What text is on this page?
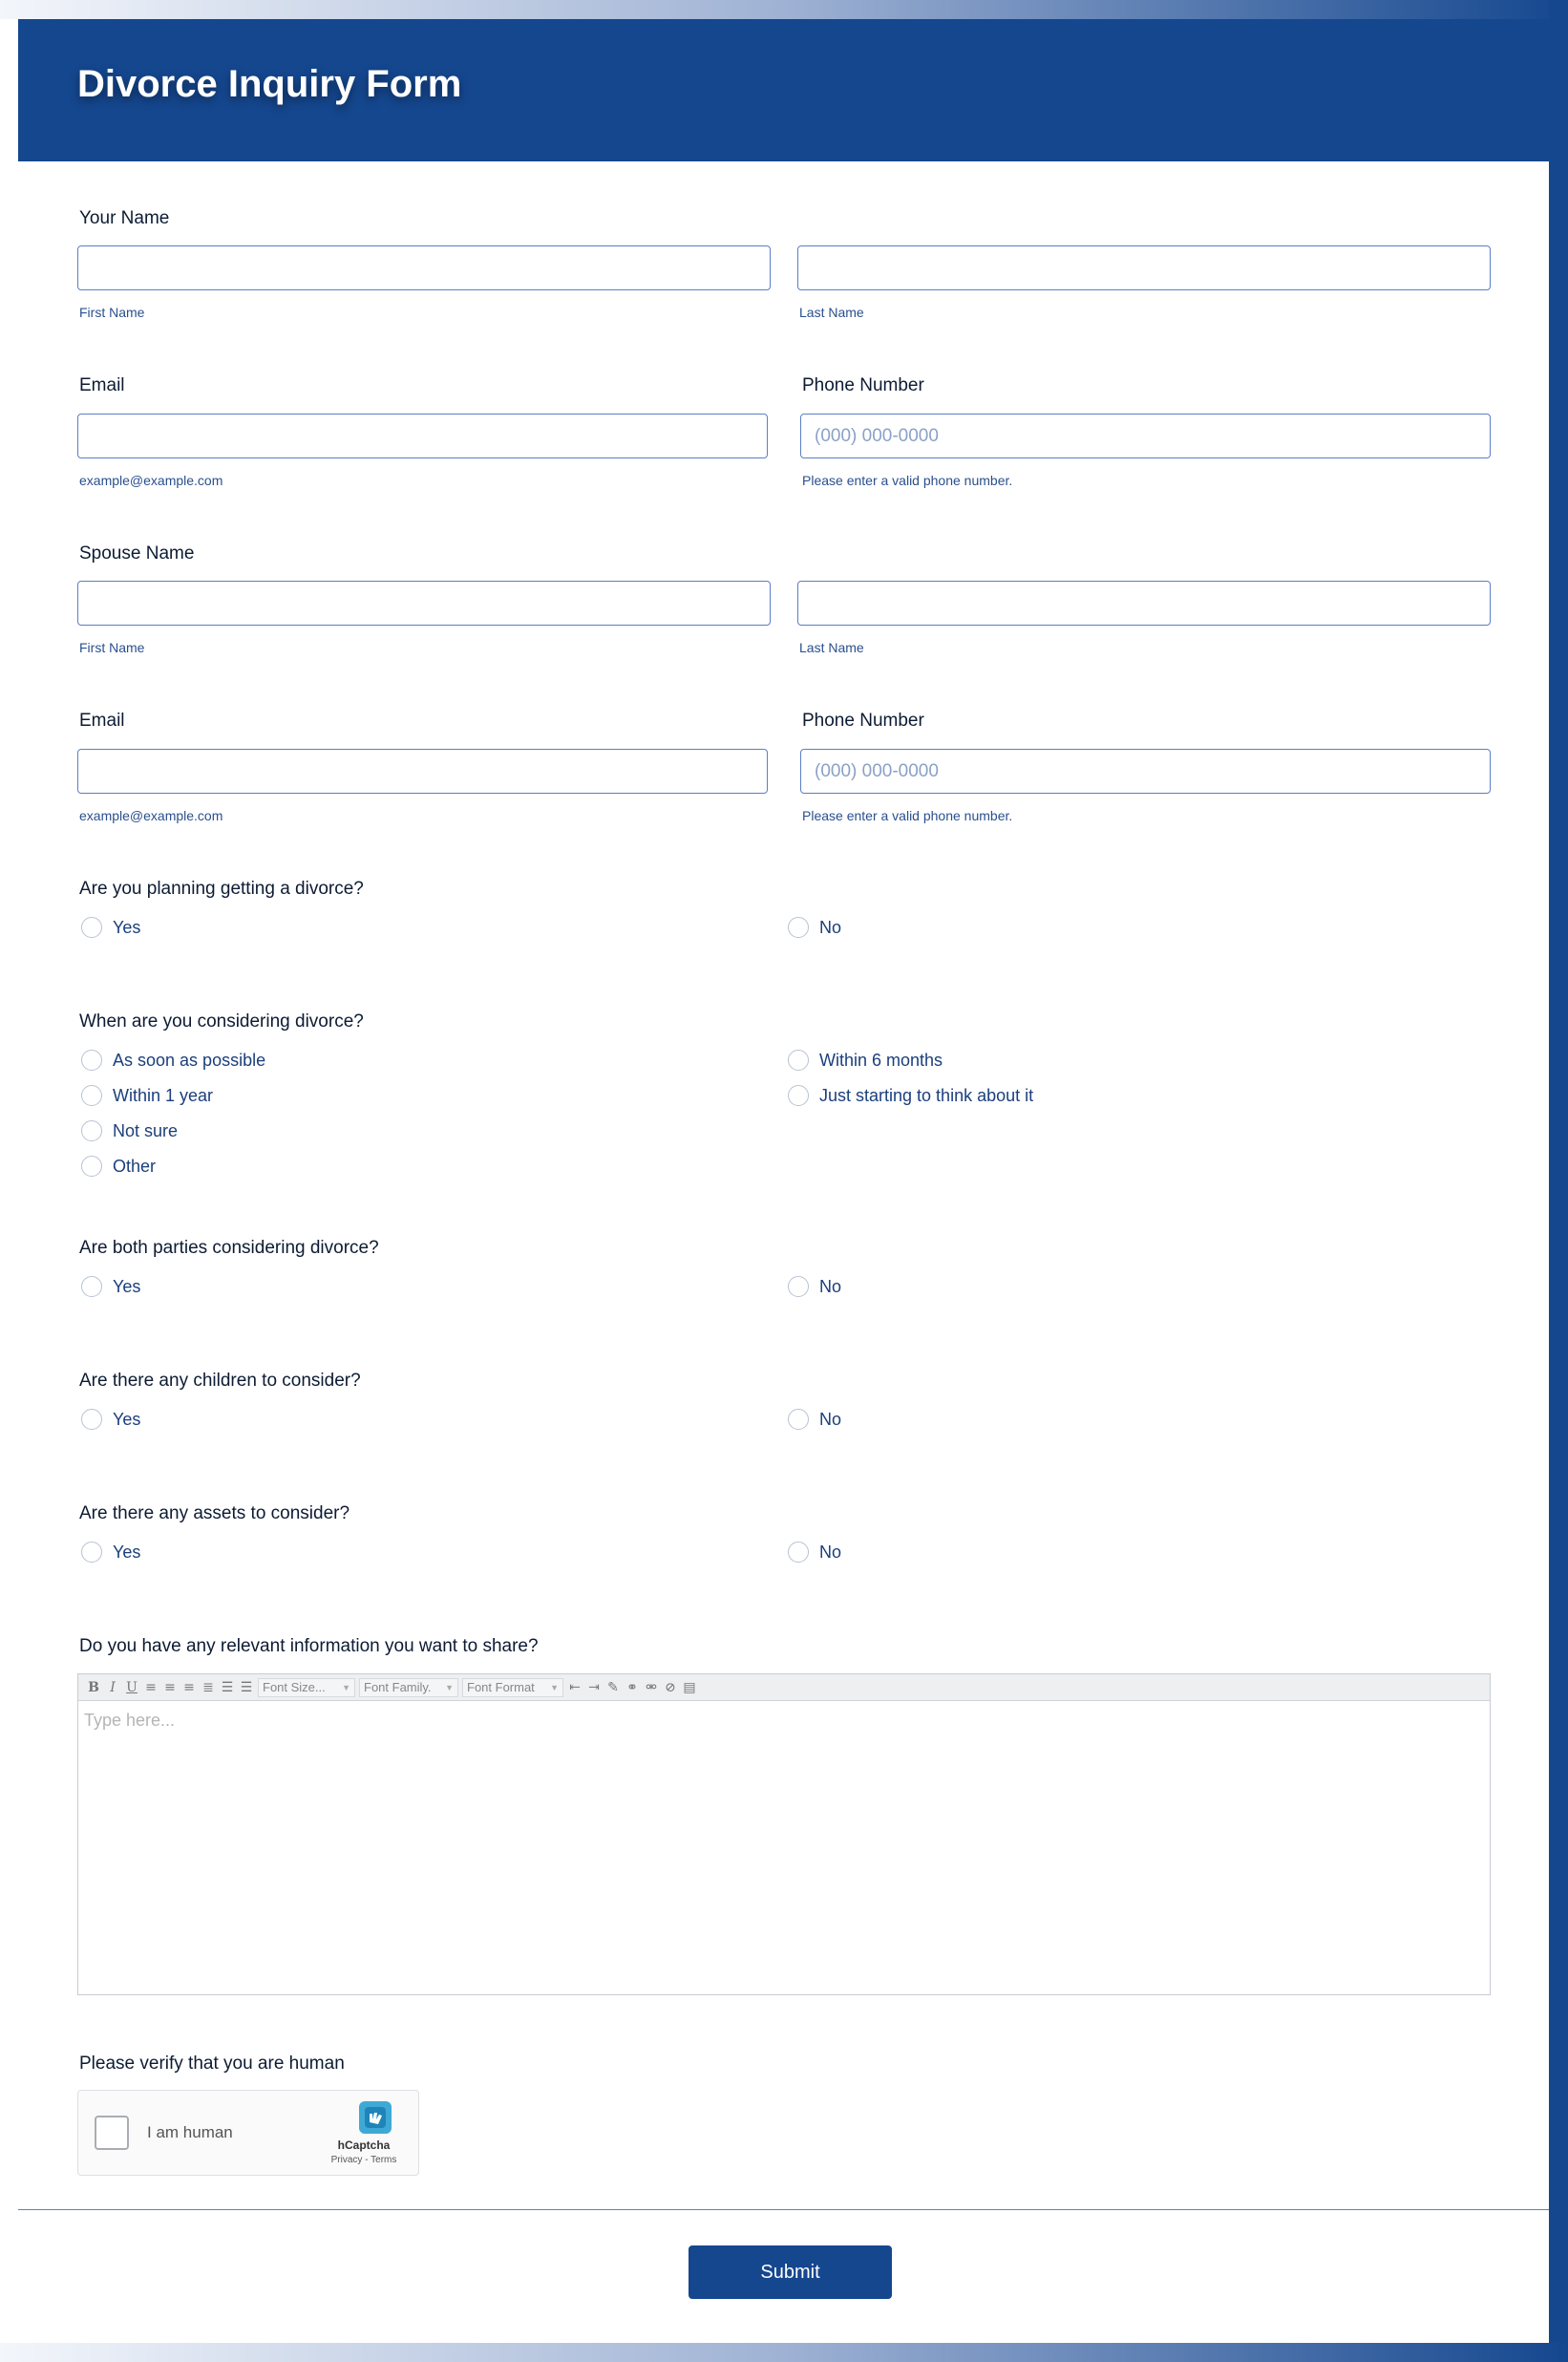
Divorce Inquiry Form
Your Name
First Name	Last Name
Email
example@example.com
Phone Number
(000) 000-0000
Please enter a valid phone number.
Spouse Name
First Name	Last Name
Email
example@example.com
Phone Number
(000) 000-0000
Please enter a valid phone number.
Are you planning getting a divorce?
Yes	No
When are you considering divorce?
As soon as possible	Within 6 months
Within 1 year	Just starting to think about it
Not sure
Other
Are both parties considering divorce?
Yes	No
Are there any children to consider?
Yes	No
Are there any assets to consider?
Yes	No
Do you have any relevant information you want to share?
B I U ≡ ≡ ≡ ≣ ☰ ☰ Font Size... ▼ Font Family. ▼ Font Format ▼ ⇤ ⇥ ✎ ⚭ ⚮ ⊘ ▤
Type here...
Please verify that you are human
I am human
hCaptcha
Privacy - Terms
Submit
